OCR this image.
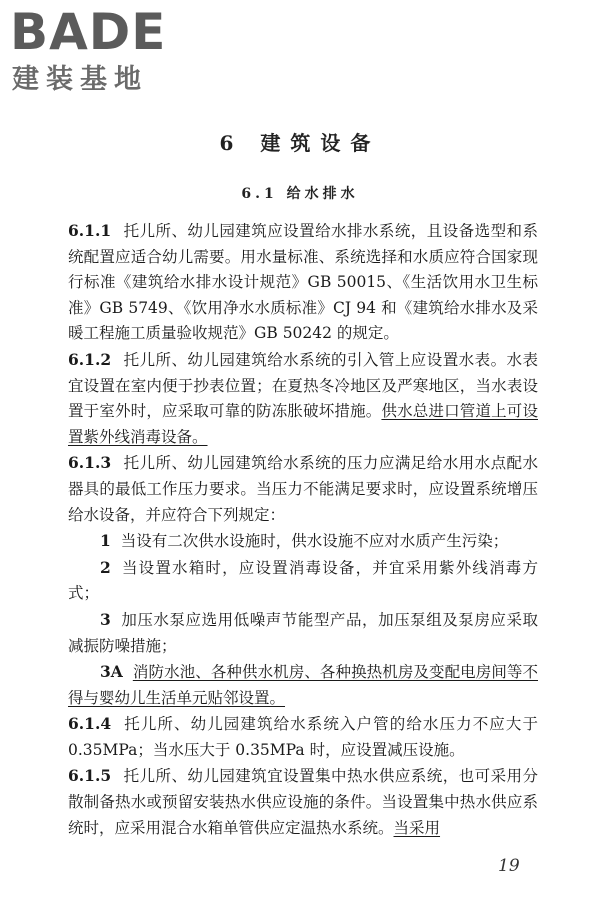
BADE
建装基地
6 建筑设备
6.1 给水排水

6.1.1 托儿所、幼儿园建筑应设置给水排水系统，且设备选型和系统配置应适合幼儿需要。用水量标准、系统选择和水质应符合国家现行标准《建筑给水排水设计规范》GB 50015、《生活饮用水卫生标准》GB 5749、《饮用净水水质标准》CJ 94 和《建筑给水排水及采暖工程施工质量验收规范》GB 50242 的规定。

6.1.2 托儿所、幼儿园建筑给水系统的引入管上应设置水表。水表宜设置在室内便于抄表位置；在夏热冬冷地区及严寒地区，当水表设置于室外时，应采取可靠的防冻胀破坏措施。供水总进口管道上可设置紫外线消毒设备。

6.1.3 托儿所、幼儿园建筑给水系统的压力应满足给水用水点配水器具的最低工作压力要求。当压力不能满足要求时，应设置系统增压给水设备，并应符合下列规定：

1 当设有二次供水设施时，供水设施不应对水质产生污染；

2 当设置水箱时，应设置消毒设备，并宜采用紫外线消毒方式；

3 加压水泵应选用低噪声节能型产品，加压泵组及泵房应采取减振防噪措施；

3A 消防水池、各种供水机房、各种换热机房及变配电房间等不得与婴幼儿生活单元贴邻设置。

6.1.4 托儿所、幼儿园建筑给水系统入户管的给水压力不应大于 0.35MPa；当水压大于 0.35MPa 时，应设置减压设施。

6.1.5 托儿所、幼儿园建筑宜设置集中热水供应系统，也可采用分散制备热水或预留安装热水供应设施的条件。当设置集中热水供应系统时，应采用混合水箱单管供应定温热水系统。当采用

19
